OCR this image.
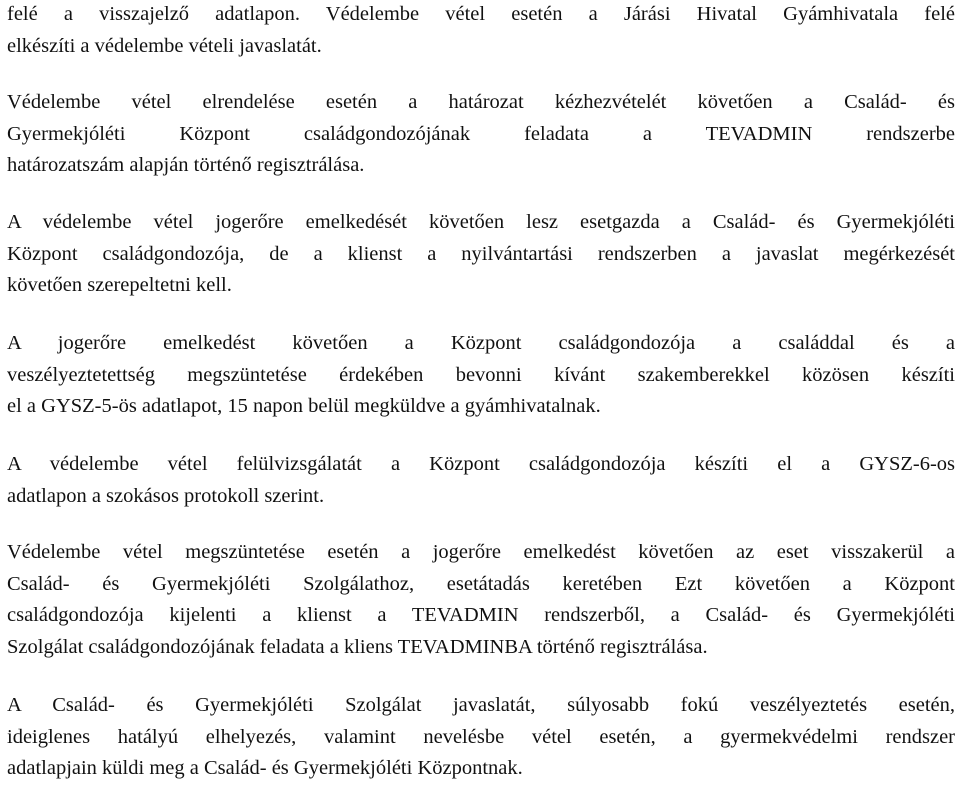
felé a visszajelző adatlapon. Védelembe vétel esetén a Járási Hivatal Gyámhivatala felé
elkészíti a védelembe vételi javaslatát.

Védelembe vétel elrendelése esetén a határozat kézhezvételét követően a Család- és
Gyermekjóléti Központ családgondozójának feladata a TEVADMIN rendszerbe
határozatszám alapján történő regisztrálása.

A védelembe vétel jogerőre emelkedését követően lesz esetgazda a Család- és Gyermekjóléti
Központ családgondozója, de a klienst a nyilvántartási rendszerben a javaslat megérkezését
követően szerepeltetni kell.

A jogerőre emelkedést követően a Központ családgondozója a családdal és a
veszélyeztetettség megszüntetése érdekében bevonni kívánt szakemberekkel közösen készíti
el a GYSZ-5-ös adatlapot, 15 napon belül megküldve a gyámhivatalnak.

A védelembe vétel felülvizsgálatát a Központ családgondozója készíti el a GYSZ-6-os
adatlapon a szokásos protokoll szerint.

Védelembe vétel megszüntetése esetén a jogerőre emelkedést követően az eset visszakerül a
Család- és Gyermekjóléti Szolgálathoz, esetátadás keretében Ezt követően a Központ
családgondozója kijelenti a klienst a TEVADMIN rendszerből, a Család- és Gyermekjóléti
Szolgálat családgondozójának feladata a kliens TEVADMINBA történő regisztrálása.

A Család- és Gyermekjóléti Szolgálat javaslatát, súlyosabb fokú veszélyeztetés esetén,
ideiglenes hatályú elhelyezés, valamint nevelésbe vétel esetén, a gyermekvédelmi rendszer
adatlapjain küldi meg a Család- és Gyermekjóléti Központnak.
